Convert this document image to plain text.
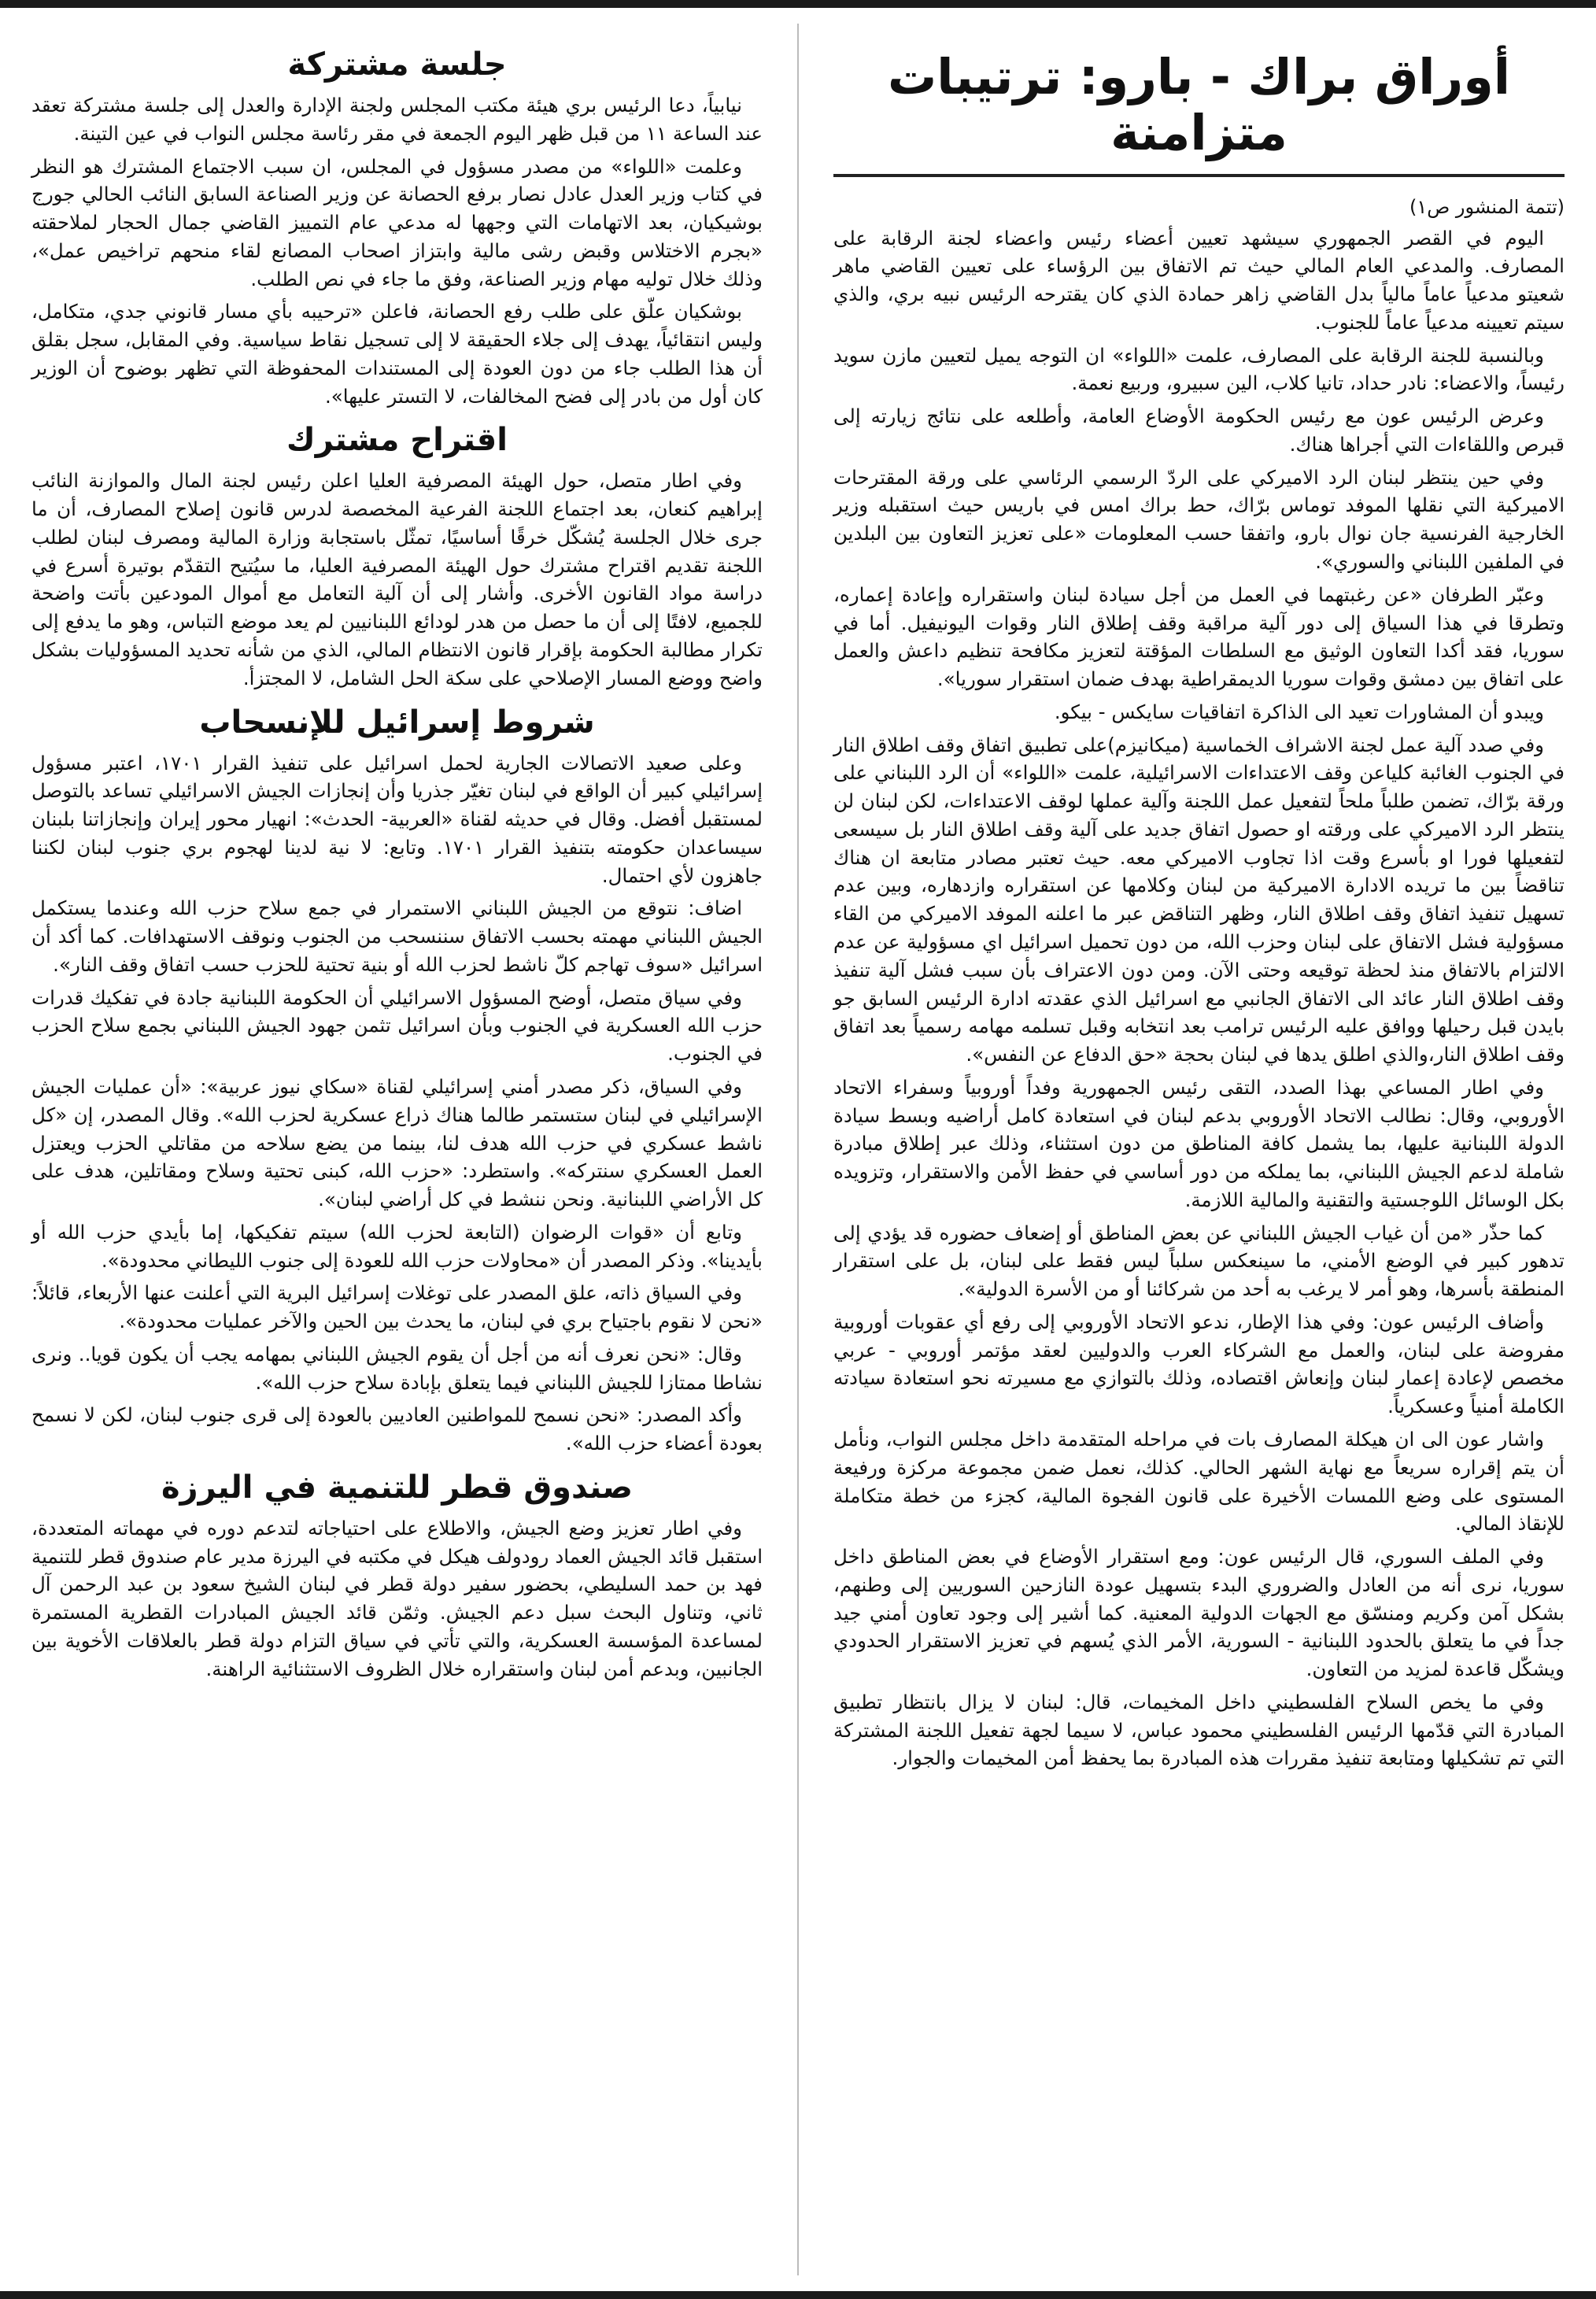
أوراق براك - بارو: ترتيبات متزامنة
(تتمة المنشور ص١)

اليوم في القصر الجمهوري سيشهد تعيين أعضاء رئيس واعضاء لجنة الرقابة على المصارف. والمدعي العام المالي حيث تم الاتفاق بين الرؤساء على تعيين القاضي ماهر شعيتو مدعياً عاماً مالياً بدل القاضي زاهر حمادة الذي كان يقترحه الرئيس نبيه بري، والذي سيتم تعيينه مدعياً عاماً للجنوب.

وبالنسبة للجنة الرقابة على المصارف، علمت «اللواء» ان التوجه يميل لتعيين مازن سويد رئيساً، والاعضاء: نادر حداد، تانيا كلاب، الين سبيرو، وربيع نعمة.

وعرض الرئيس عون مع رئيس الحكومة الأوضاع العامة، وأطلعه على نتائج زيارته إلى قبرص واللقاءات التي أجراها هناك.

وفي حين ينتظر لبنان الرد الاميركي على الردّ الرسمي الرئاسي على ورقة المقترحات الاميركية التي نقلها الموفد توماس برّاك، حط براك امس في باريس حيث استقبله وزير الخارجية الفرنسية جان نوال بارو، واتفقا حسب المعلومات «على تعزيز التعاون بين البلدين في الملفين اللبناني والسوري».

وعبّر الطرفان «عن رغبتهما في العمل من أجل سيادة لبنان واستقراره وإعادة إعماره، وتطرقا في هذا السياق إلى دور آلية مراقبة وقف إطلاق النار وقوات اليونيفيل. أما في سوريا، فقد أكدا التعاون الوثيق مع السلطات المؤقتة لتعزيز مكافحة تنظيم داعش والعمل على اتفاق بين دمشق وقوات سوريا الديمقراطية بهدف ضمان استقرار سوريا».

ويبدو أن المشاورات تعيد الى الذاكرة اتفاقيات سايكس - بيكو.

وفي صدد آلية عمل لجنة الاشراف الخماسية (ميكانيزم)على تطبيق اتفاق وقف اطلاق النار في الجنوب الغائبة كلياعن وقف الاعتداءات الاسرائيلية، علمت «اللواء» أن الرد اللبناني على ورقة برّاك، تضمن طلباً ملحاً لتفعيل عمل اللجنة وآلية عملها لوقف الاعتداءات، لكن لبنان لن ينتظر الرد الاميركي على ورقته او حصول اتفاق جديد على آلية وقف اطلاق النار بل سيسعى لتفعيلها فورا او بأسرع وقت اذا تجاوب الاميركي معه. حيث تعتبر مصادر متابعة ان هناك تناقضاً بين ما تريده الادارة الاميركية من لبنان وكلامها عن استقراره وازدهاره، وبين عدم تسهيل تنفيذ اتفاق وقف اطلاق النار، وظهر التناقض عبر ما اعلنه الموفد الاميركي من القاء مسؤولية فشل الاتفاق على لبنان وحزب الله، من دون تحميل اسرائيل اي مسؤولية عن عدم الالتزام بالاتفاق منذ لحظة توقيعه وحتى الآن. ومن دون الاعتراف بأن سبب فشل آلية تنفيذ وقف اطلاق النار عائد الى الاتفاق الجانبي مع اسرائيل الذي عقدته ادارة الرئيس السابق جو بايدن قبل رحيلها ووافق عليه الرئيس ترامب بعد انتخابه وقبل تسلمه مهامه رسمياً بعد اتفاق وقف اطلاق النار،والذي اطلق يدها في لبنان بحجة «حق الدفاع عن النفس».

وفي اطار المساعي بهذا الصدد، التقى رئيس الجمهورية وفداً أوروبياً وسفراء الاتحاد الأوروبي، وقال: نطالب الاتحاد الأوروبي بدعم لبنان في استعادة كامل أراضيه وبسط سيادة الدولة اللبنانية عليها، بما يشمل كافة المناطق من دون استثناء، وذلك عبر إطلاق مبادرة شاملة لدعم الجيش اللبناني، بما يملكه من دور أساسي في حفظ الأمن والاستقرار، وتزويده بكل الوسائل اللوجستية والتقنية والمالية اللازمة.

كما حذّر «من أن غياب الجيش اللبناني عن بعض المناطق أو إضعاف حضوره قد يؤدي إلى تدهور كبير في الوضع الأمني، ما سينعكس سلباً ليس فقط على لبنان، بل على استقرار المنطقة بأسرها، وهو أمر لا يرغب به أحد من شركائنا أو من الأسرة الدولية».

وأضاف الرئيس عون: وفي هذا الإطار، ندعو الاتحاد الأوروبي إلى رفع أي عقوبات أوروبية مفروضة على لبنان، والعمل مع الشركاء العرب والدوليين لعقد مؤتمر أوروبي - عربي مخصص لإعادة إعمار لبنان وإنعاش اقتصاده، وذلك بالتوازي مع مسيرته نحو استعادة سيادته الكاملة أمنياً وعسكرياً.

واشار عون الى ان هيكلة المصارف بات في مراحله المتقدمة داخل مجلس النواب، ونأمل أن يتم إقراره سريعاً مع نهاية الشهر الحالي. كذلك، نعمل ضمن مجموعة مركزة ورفيعة المستوى على وضع اللمسات الأخيرة على قانون الفجوة المالية، كجزء من خطة متكاملة للإنقاذ المالي.

وفي الملف السوري، قال الرئيس عون: ومع استقرار الأوضاع في بعض المناطق داخل سوريا، نرى أنه من العادل والضروري البدء بتسهيل عودة النازحين السوريين إلى وطنهم، بشكل آمن وكريم ومنسّق مع الجهات الدولية المعنية. كما أشير إلى وجود تعاون أمني جيد جداً في ما يتعلق بالحدود اللبنانية - السورية، الأمر الذي يُسهم في تعزيز الاستقرار الحدودي ويشكّل قاعدة لمزيد من التعاون.

وفي ما يخص السلاح الفلسطيني داخل المخيمات، قال: لبنان لا يزال بانتظار تطبيق المبادرة التي قدّمها الرئيس الفلسطيني محمود عباس، لا سيما لجهة تفعيل اللجنة المشتركة التي تم تشكيلها ومتابعة تنفيذ مقررات هذه المبادرة بما يحفظ أمن المخيمات والجوار.

جلسة مشتركة

نيابياً، دعا الرئيس بري هيئة مكتب المجلس ولجنة الإدارة والعدل إلى جلسة مشتركة تعقد عند الساعة ١١ من قبل ظهر اليوم الجمعة في مقر رئاسة مجلس النواب في عين التينة.

وعلمت «اللواء» من مصدر مسؤول في المجلس، ان سبب الاجتماع المشترك هو النظر في كتاب وزير العدل عادل نصار برفع الحصانة عن وزير الصناعة السابق النائب الحالي جورج بوشيكيان، بعد الاتهامات التي وجهها له مدعي عام التمييز القاضي جمال الحجار لملاحقته «بجرم الاختلاس وقبض رشى مالية وابتزاز اصحاب المصانع لقاء منحهم تراخيص عمل»، وذلك خلال توليه مهام وزير الصناعة، وفق ما جاء في نص الطلب.

بوشكيان علّق على طلب رفع الحصانة، فاعلن «ترحيبه بأي مسار قانوني جدي، متكامل، وليس انتقائياً، يهدف إلى جلاء الحقيقة لا إلى تسجيل نقاط سياسية. وفي المقابل، سجل بقلق أن هذا الطلب جاء من دون العودة إلى المستندات المحفوظة التي تظهر بوضوح أن الوزير كان أول من بادر إلى فضح المخالفات، لا التستر عليها».

اقتراح مشترك

وفي اطار متصل، حول الهيئة المصرفية العليا اعلن رئيس لجنة المال والموازنة النائب إبراهيم كنعان، بعد اجتماع اللجنة الفرعية المخصصة لدرس قانون إصلاح المصارف، أن ما جرى خلال الجلسة يُشكّل خرقًا أساسيًا، تمثّل باستجابة وزارة المالية ومصرف لبنان لطلب اللجنة تقديم اقتراح مشترك حول الهيئة المصرفية العليا، ما سيُتيح التقدّم بوتيرة أسرع في دراسة مواد القانون الأخرى. وأشار إلى أن آلية التعامل مع أموال المودعين بأتت واضحة للجميع، لافتًا إلى أن ما حصل من هدر لودائع اللبنانيين لم يعد موضع التباس، وهو ما يدفع إلى تكرار مطالبة الحكومة بإقرار قانون الانتظام المالي، الذي من شأنه تحديد المسؤوليات بشكل واضح ووضع المسار الإصلاحي على سكة الحل الشامل، لا المجتزأ.

شروط إسرائيل للإنسحاب

وعلى صعيد الاتصالات الجارية لحمل اسرائيل على تنفيذ القرار ١٧٠١، اعتبر مسؤول إسرائيلي كبير أن الواقع في لبنان تغيّر جذريا وأن إنجازات الجيش الاسرائيلي تساعد بالتوصل لمستقبل أفضل. وقال في حديثه لقناة «العربية- الحدث»: انهيار محور إيران وإنجازاتنا بلبنان سيساعدان حكومته بتنفيذ القرار ١٧٠١. وتابع: لا نية لدينا لهجوم بري جنوب لبنان لكننا جاهزون لأي احتمال.

اضاف: نتوقع من الجيش اللبناني الاستمرار في جمع سلاح حزب الله وعندما يستكمل الجيش اللبناني مهمته بحسب الاتفاق سننسحب من الجنوب ونوقف الاستهدافات. كما أكد أن اسرائيل «سوف تهاجم كلّ ناشط لحزب الله أو بنية تحتية للحزب حسب اتفاق وقف النار».

وفي سياق متصل، أوضح المسؤول الاسرائيلي أن الحكومة اللبنانية جادة في تفكيك قدرات حزب الله العسكرية في الجنوب وبأن اسرائيل تثمن جهود الجيش اللبناني بجمع سلاح الحزب في الجنوب.

وفي السياق، ذكر مصدر أمني إسرائيلي لقناة «سكاي نيوز عربية»: «أن عمليات الجيش الإسرائيلي في لبنان ستستمر طالما هناك ذراع عسكرية لحزب الله». وقال المصدر، إن «كل ناشط عسكري في حزب الله هدف لنا، بينما من يضع سلاحه من مقاتلي الحزب ويعتزل العمل العسكري سنتركه». واستطرد: «حزب الله، كبنى تحتية وسلاح ومقاتلين، هدف على كل الأراضي اللبنانية. ونحن ننشط في كل أراضي لبنان».

وتابع أن «قوات الرضوان (التابعة لحزب الله) سيتم تفكيكها، إما بأيدي حزب الله أو بأيدينا». وذكر المصدر أن «محاولات حزب الله للعودة إلى جنوب الليطاني محدودة».

وفي السياق ذاته، علق المصدر على توغلات إسرائيل البرية التي أعلنت عنها الأربعاء، قائلاً: «نحن لا نقوم باجتياح بري في لبنان، ما يحدث بين الحين والآخر عمليات محدودة».

وقال: «نحن نعرف أنه من أجل أن يقوم الجيش اللبناني بمهامه يجب أن يكون قويا.. ونرى نشاطا ممتازا للجيش اللبناني فيما يتعلق بإبادة سلاح حزب الله».

وأكد المصدر: «نحن نسمح للمواطنين العاديين بالعودة إلى قرى جنوب لبنان، لكن لا نسمح بعودة أعضاء حزب الله».

صندوق قطر للتنمية في اليرزة

وفي اطار تعزيز وضع الجيش، والاطلاع على احتياجاته لتدعم دوره في مهماته المتعددة، استقبل قائد الجيش العماد رودولف هيكل في مكتبه في اليرزة مدير عام صندوق قطر للتنمية فهد بن حمد السليطي، بحضور سفير دولة قطر في لبنان الشيخ سعود بن عبد الرحمن آل ثاني، وتناول البحث سبل دعم الجيش. وثمّن قائد الجيش المبادرات القطرية المستمرة لمساعدة المؤسسة العسكرية، والتي تأتي في سياق التزام دولة قطر بالعلاقات الأخوية بين الجانبين، وبدعم أمن لبنان واستقراره خلال الظروف الاستثنائية الراهنة.
